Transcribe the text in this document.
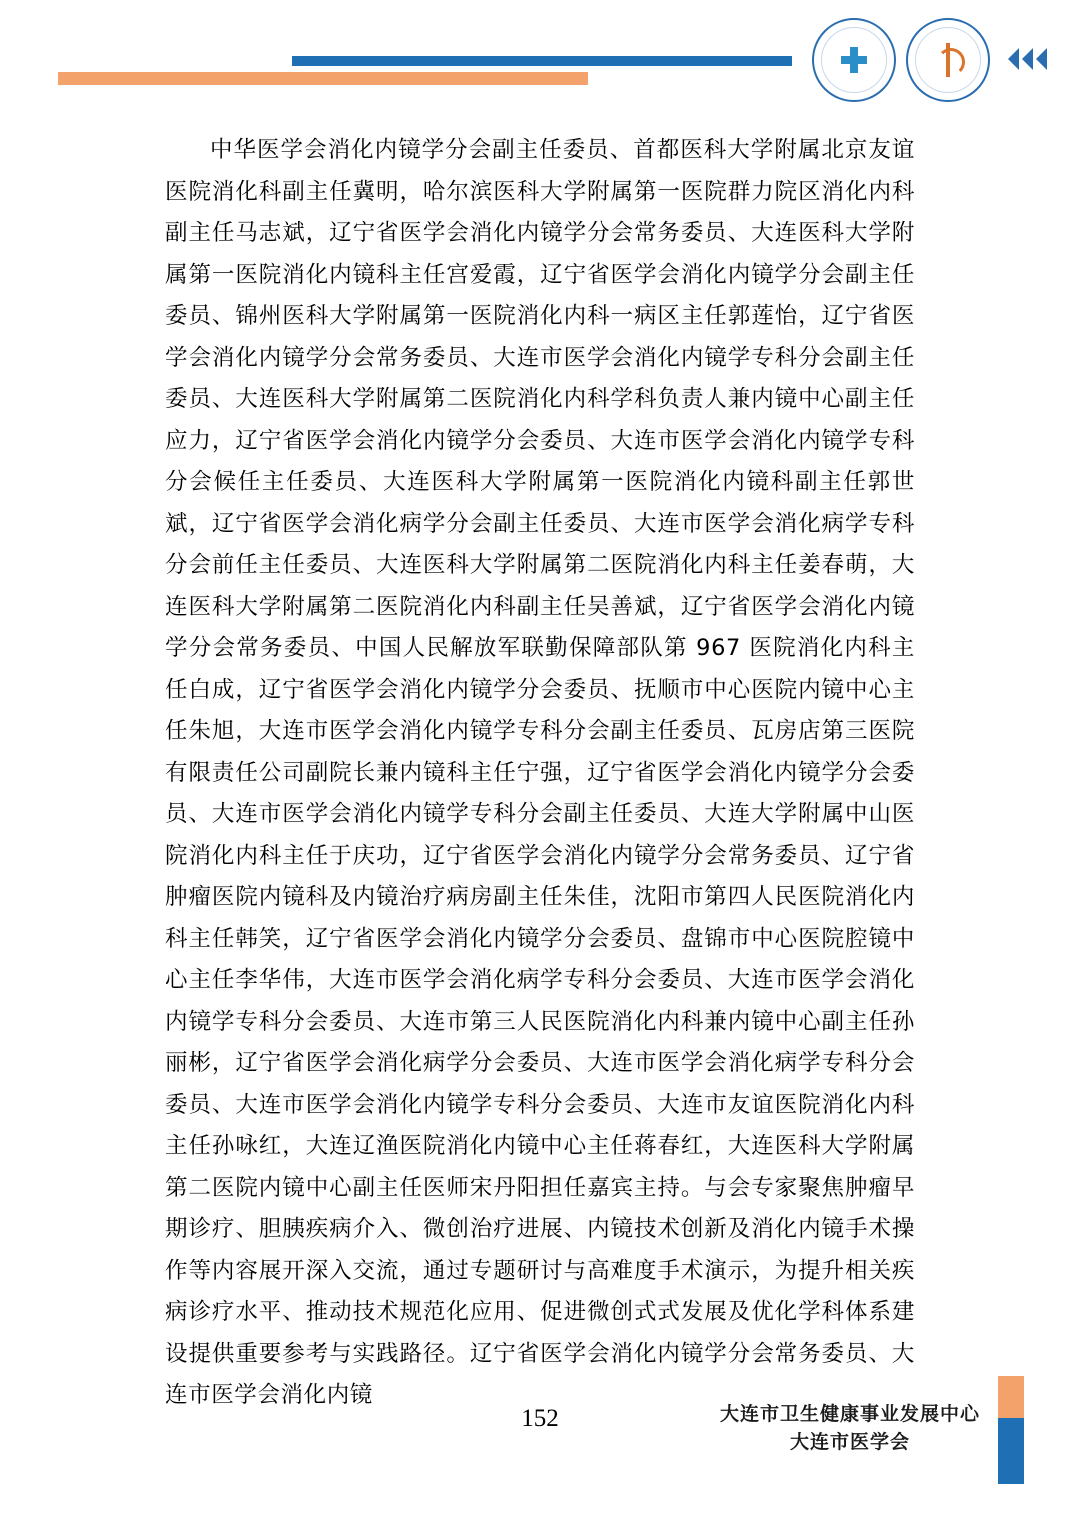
中华医学会消化内镜学分会副主任委员、首都医科大学附属北京友谊医院消化科副主任冀明，哈尔滨医科大学附属第一医院群力院区消化内科副主任马志斌，辽宁省医学会消化内镜学分会常务委员、大连医科大学附属第一医院消化内镜科主任宫爱霞，辽宁省医学会消化内镜学分会副主任委员、锦州医科大学附属第一医院消化内科一病区主任郭莲怡，辽宁省医学会消化内镜学分会常务委员、大连市医学会消化内镜学专科分会副主任委员、大连医科大学附属第二医院消化内科学科负责人兼内镜中心副主任应力，辽宁省医学会消化内镜学分会委员、大连市医学会消化内镜学专科分会候任主任委员、大连医科大学附属第一医院消化内镜科副主任郭世斌，辽宁省医学会消化病学分会副主任委员、大连市医学会消化病学专科分会前任主任委员、大连医科大学附属第二医院消化内科主任姜春萌，大连医科大学附属第二医院消化内科副主任吴善斌，辽宁省医学会消化内镜学分会常务委员、中国人民解放军联勤保障部队第 967 医院消化内科主任白成，辽宁省医学会消化内镜学分会委员、抚顺市中心医院内镜中心主任朱旭，大连市医学会消化内镜学专科分会副主任委员、瓦房店第三医院有限责任公司副院长兼内镜科主任宁强，辽宁省医学会消化内镜学分会委员、大连市医学会消化内镜学专科分会副主任委员、大连大学附属中山医院消化内科主任于庆功，辽宁省医学会消化内镜学分会常务委员、辽宁省肿瘤医院内镜科及内镜治疗病房副主任朱佳，沈阳市第四人民医院消化内科主任韩笑，辽宁省医学会消化内镜学分会委员、盘锦市中心医院腔镜中心主任李华伟，大连市医学会消化病学专科分会委员、大连市医学会消化内镜学专科分会委员、大连市第三人民医院消化内科兼内镜中心副主任孙丽彬，辽宁省医学会消化病学分会委员、大连市医学会消化病学专科分会委员、大连市医学会消化内镜学专科分会委员、大连市友谊医院消化内科主任孙咏红，大连辽渔医院消化内镜中心主任蒋春红，大连医科大学附属第二医院内镜中心副主任医师宋丹阳担任嘉宾主持。与会专家聚焦肿瘤早期诊疗、胆胰疾病介入、微创治疗进展、内镜技术创新及消化内镜手术操作等内容展开深入交流，通过专题研讨与高难度手术演示，为提升相关疾病诊疗水平、推动技术规范化应用、促进微创式式发展及优化学科体系建设提供重要参考与实践路径。辽宁省医学会消化内镜学分会常务委员、大连市医学会消化内镜

152	大连市卫生健康事业发展中心
大连市医学会
